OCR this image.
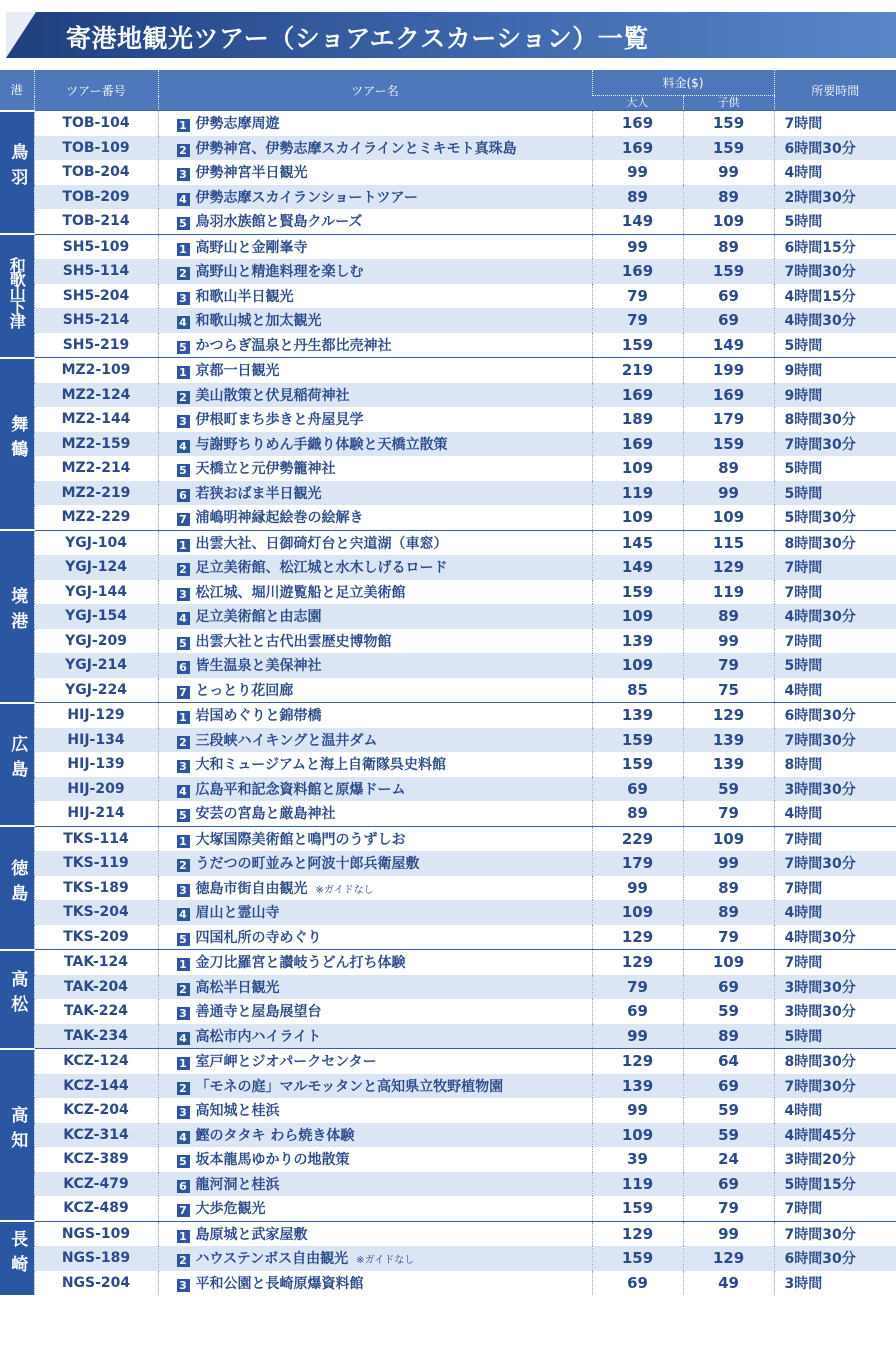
寄港地観光ツアー（ショアエクスカーション）一覧
港	ツアー番号	ツアー名	料金($)		所要時間
			大人	子供	
鳥羽	TOB-104	1 伊勢志摩周遊	169	159	7時間
	TOB-109	2 伊勢神宮、伊勢志摩スカイラインとミキモト真珠島	169	159	6時間30分
	TOB-204	3 伊勢神宮半日観光	99	99	4時間
	TOB-209	4 伊勢志摩スカイランショートツアー	89	89	2時間30分
	TOB-214	5 鳥羽水族館と賢島クルーズ	149	109	5時間
和歌山下津	SH5-109	1 高野山と金剛峯寺	99	89	6時間15分
	SH5-114	2 高野山と精進料理を楽しむ	169	159	7時間30分
	SH5-204	3 和歌山半日観光	79	69	4時間15分
	SH5-214	4 和歌山城と加太観光	79	69	4時間30分
	SH5-219	5 かつらぎ温泉と丹生都比売神社	159	149	5時間
舞鶴	MZ2-109	1 京都一日観光	219	199	9時間
	MZ2-124	2 美山散策と伏見稲荷神社	169	169	9時間
	MZ2-144	3 伊根町まち歩きと舟屋見学	189	179	8時間30分
	MZ2-159	4 与謝野ちりめん手織り体験と天橋立散策	169	159	7時間30分
	MZ2-214	5 天橋立と元伊勢籠神社	109	89	5時間
	MZ2-219	6 若狭おばま半日観光	119	99	5時間
	MZ2-229	7 浦嶋明神縁起絵巻の絵解き	109	109	5時間30分
境港	YGJ-104	1 出雲大社、日御碕灯台と宍道湖（車窓）	145	115	8時間30分
	YGJ-124	2 足立美術館、松江城と水木しげるロード	149	129	7時間
	YGJ-144	3 松江城、堀川遊覧船と足立美術館	159	119	7時間
	YGJ-154	4 足立美術館と由志園	109	89	4時間30分
	YGJ-209	5 出雲大社と古代出雲歴史博物館	139	99	7時間
	YGJ-214	6 皆生温泉と美保神社	109	79	5時間
	YGJ-224	7 とっとり花回廊	85	75	4時間
広島	HIJ-129	1 岩国めぐりと錦帯橋	139	129	6時間30分
	HIJ-134	2 三段峡ハイキングと温井ダム	159	139	7時間30分
	HIJ-139	3 大和ミュージアムと海上自衛隊呉史料館	159	139	8時間
	HIJ-209	4 広島平和記念資料館と原爆ドーム	69	59	3時間30分
	HIJ-214	5 安芸の宮島と厳島神社	89	79	4時間
徳島	TKS-114	1 大塚国際美術館と鳴門のうずしお	229	109	7時間
	TKS-119	2 うだつの町並みと阿波十郎兵衛屋敷	179	99	7時間30分
	TKS-189	3 徳島市街自由観光 ※ガイドなし	99	89	7時間
	TKS-204	4 眉山と霊山寺	109	89	4時間
	TKS-209	5 四国札所の寺めぐり	129	79	4時間30分
高松	TAK-124	1 金刀比羅宮と讃岐うどん打ち体験	129	109	7時間
	TAK-204	2 高松半日観光	79	69	3時間30分
	TAK-224	3 善通寺と屋島展望台	69	59	3時間30分
	TAK-234	4 高松市内ハイライト	99	89	5時間
高知	KCZ-124	1 室戸岬とジオパークセンター	129	64	8時間30分
	KCZ-144	2 「モネの庭」マルモッタンと高知県立牧野植物園	139	69	7時間30分
	KCZ-204	3 高知城と桂浜	99	59	4時間
	KCZ-314	4 鰹のタタキ わら焼き体験	109	59	4時間45分
	KCZ-389	5 坂本龍馬ゆかりの地散策	39	24	3時間20分
	KCZ-479	6 龍河洞と桂浜	119	69	5時間15分
	KCZ-489	7 大歩危観光	159	79	7時間
長崎	NGS-109	1 島原城と武家屋敷	129	99	7時間30分
	NGS-189	2 ハウステンボス自由観光 ※ガイドなし	159	129	6時間30分
	NGS-204	3 平和公園と長崎原爆資料館	69	49	3時間
